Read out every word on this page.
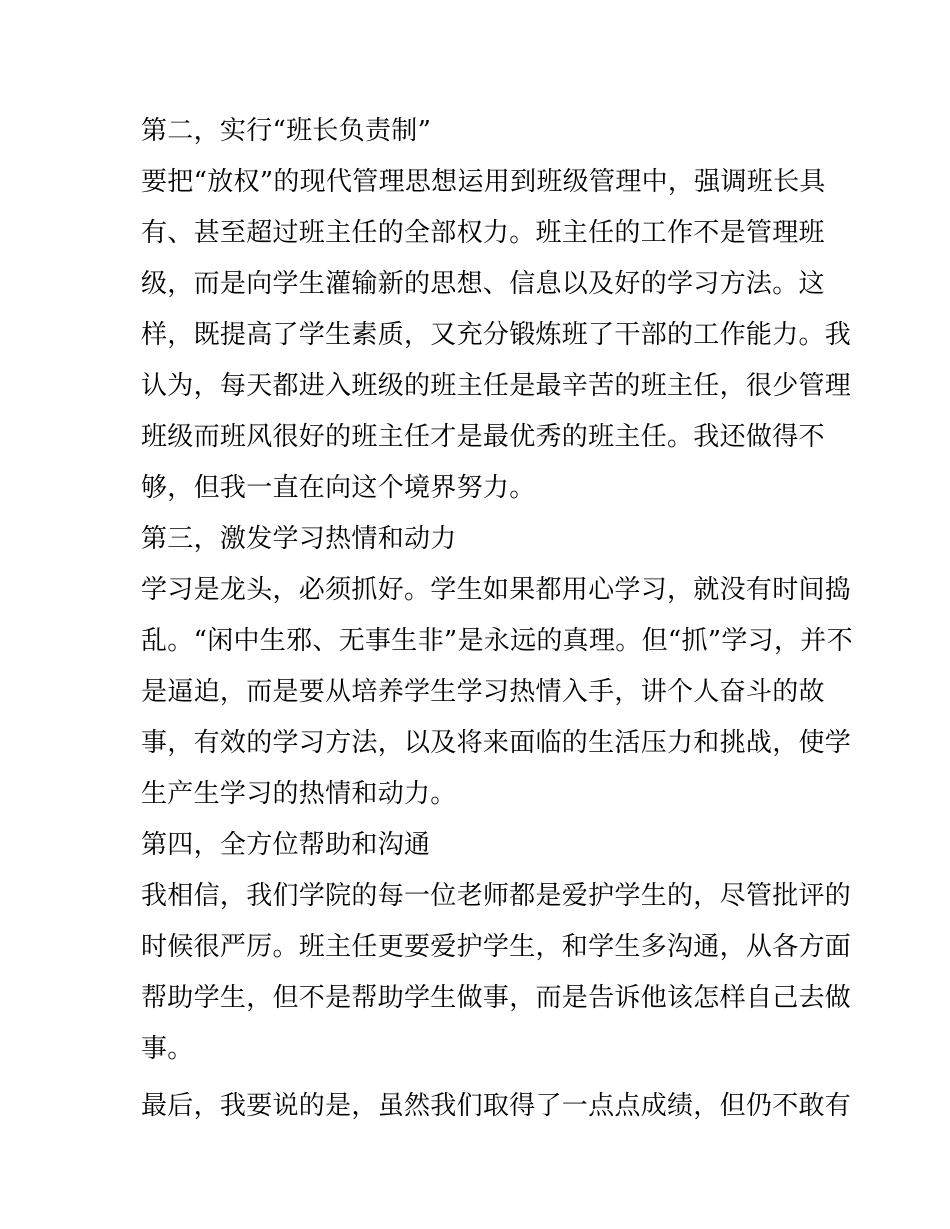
第二，实行“班长负责制”
要把“放权”的现代管理思想运用到班级管理中，强调班长具
有、甚至超过班主任的全部权力。班主任的工作不是管理班
级，而是向学生灌输新的思想、信息以及好的学习方法。这
样，既提高了学生素质，又充分锻炼班了干部的工作能力。我
认为，每天都进入班级的班主任是最辛苦的班主任，很少管理
班级而班风很好的班主任才是最优秀的班主任。我还做得不
够，但我一直在向这个境界努力。
第三，激发学习热情和动力
学习是龙头，必须抓好。学生如果都用心学习，就没有时间捣
乱。“闲中生邪、无事生非”是永远的真理。但“抓”学习，并不
是逼迫，而是要从培养学生学习热情入手，讲个人奋斗的故
事，有效的学习方法，以及将来面临的生活压力和挑战，使学
生产生学习的热情和动力。
第四，全方位帮助和沟通
我相信，我们学院的每一位老师都是爱护学生的，尽管批评的
时候很严厉。班主任更要爱护学生，和学生多沟通，从各方面
帮助学生，但不是帮助学生做事，而是告诉他该怎样自己去做
事。
最后，我要说的是，虽然我们取得了一点点成绩，但仍不敢有
